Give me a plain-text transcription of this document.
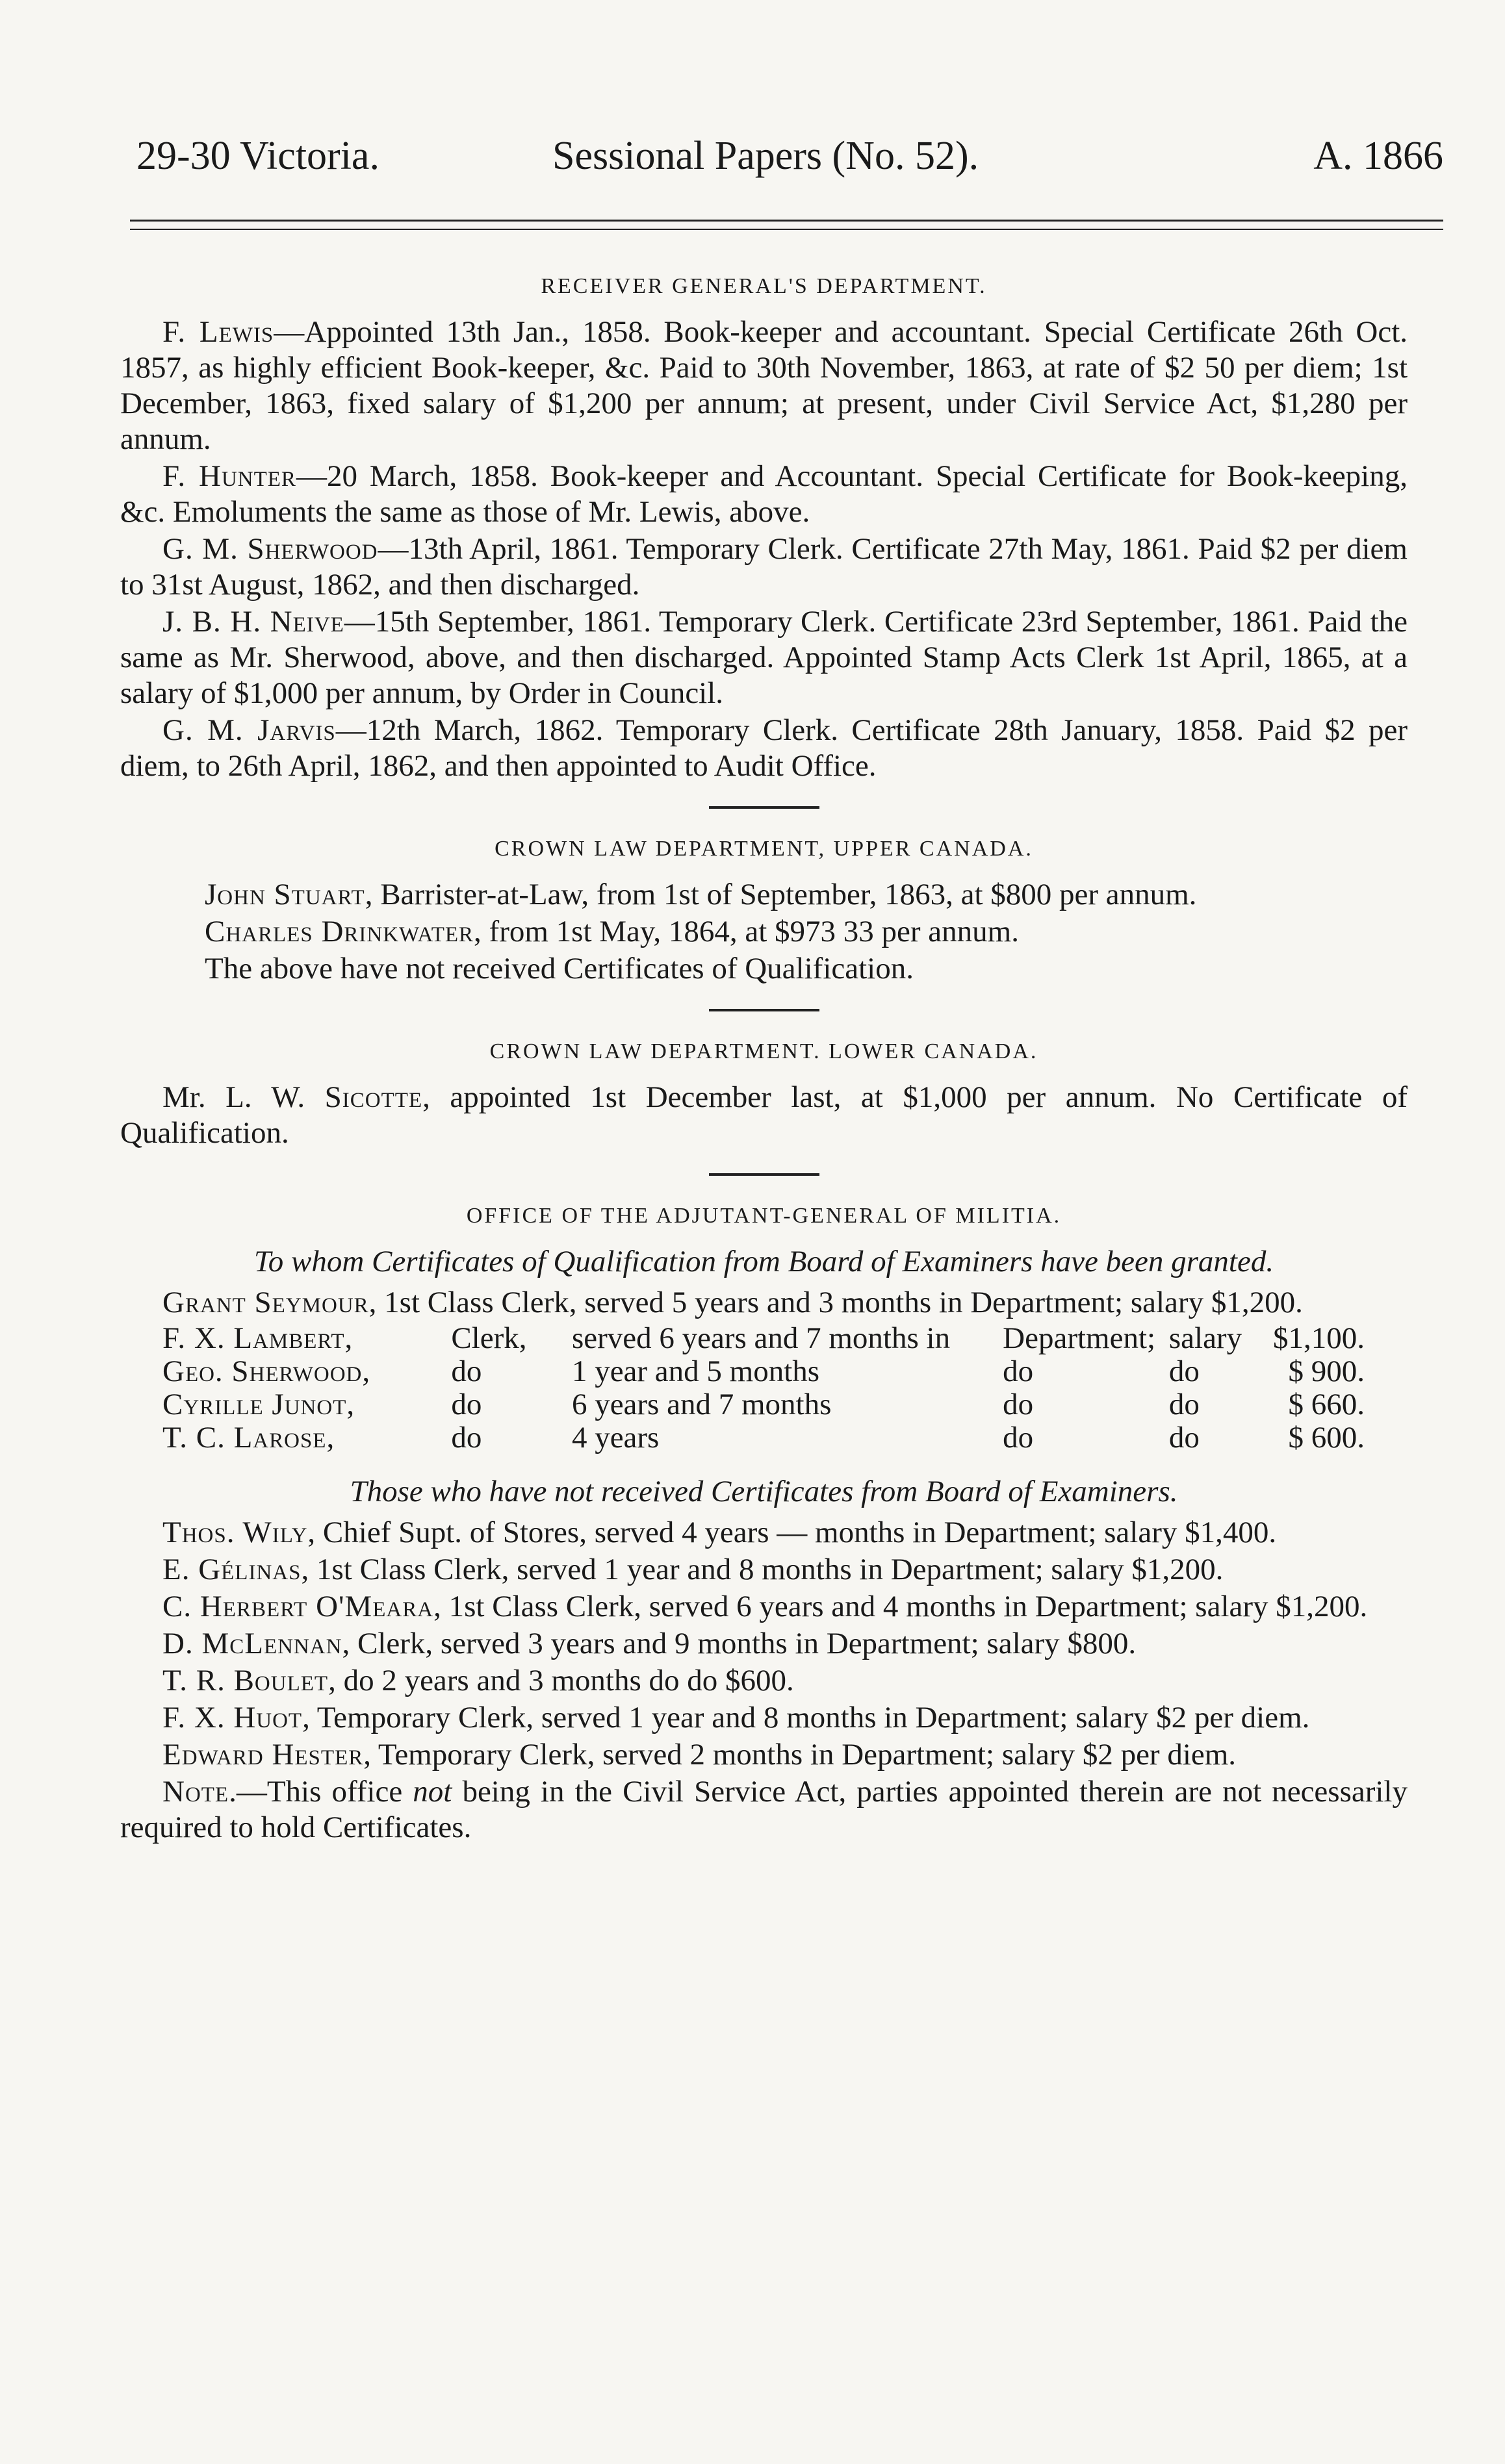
29-30 Victoria.	Sessional Papers (No. 52).	A. 1866
RECEIVER GENERAL'S DEPARTMENT.

F. Lewis—Appointed 13th Jan., 1858. Book-keeper and accountant. Special Certificate 26th Oct. 1857, as highly efficient Book-keeper, &c. Paid to 30th November, 1863, at rate of $2 50 per diem; 1st December, 1863, fixed salary of $1,200 per annum; at present, under Civil Service Act, $1,280 per annum.

F. Hunter—20 March, 1858. Book-keeper and Accountant. Special Certificate for Book-keeping, &c. Emoluments the same as those of Mr. Lewis, above.

G. M. Sherwood—13th April, 1861. Temporary Clerk. Certificate 27th May, 1861. Paid $2 per diem to 31st August, 1862, and then discharged.

J. B. H. Neive—15th September, 1861. Temporary Clerk. Certificate 23rd September, 1861. Paid the same as Mr. Sherwood, above, and then discharged. Appointed Stamp Acts Clerk 1st April, 1865, at a salary of $1,000 per annum, by Order in Council.

G. M. Jarvis—12th March, 1862. Temporary Clerk. Certificate 28th January, 1858. Paid $2 per diem, to 26th April, 1862, and then appointed to Audit Office.

CROWN LAW DEPARTMENT, UPPER CANADA.

John Stuart, Barrister-at-Law, from 1st of September, 1863, at $800 per annum.

Charles Drinkwater, from 1st May, 1864, at $973 33 per annum.

The above have not received Certificates of Qualification.

CROWN LAW DEPARTMENT. LOWER CANADA.

Mr. L. W. Sicotte, appointed 1st December last, at $1,000 per annum. No Certificate of Qualification.

OFFICE OF THE ADJUTANT-GENERAL OF MILITIA.
To whom Certificates of Qualification from Board of Examiners have been granted.

Grant Seymour, 1st Class Clerk, served 5 years and 3 months in Department; salary $1,200.

F. X. Lambert,	Clerk,	served 6 years and 7 months in	Department;	salary	$1,100.
Geo. Sherwood,	do	1 year and 5 months	do	do	$ 900.
Cyrille Junot,	do	6 years and 7 months	do	do	$ 660.
T. C. Larose,	do	4 years	do	do	$ 600.
Those who have not received Certificates from Board of Examiners.

Thos. Wily, Chief Supt. of Stores, served 4 years — months in Department; salary $1,400.

E. Gélinas, 1st Class Clerk, served 1 year and 8 months in Department; salary $1,200.

C. Herbert O'Meara, 1st Class Clerk, served 6 years and 4 months in Department; salary $1,200.

D. McLennan, Clerk, served 3 years and 9 months in Department; salary $800.

T. R. Boulet, do 2 years and 3 months do do $600.

F. X. Huot, Temporary Clerk, served 1 year and 8 months in Department; salary $2 per diem.

Edward Hester, Temporary Clerk, served 2 months in Department; salary $2 per diem.

Note.—This office not being in the Civil Service Act, parties appointed therein are not necessarily required to hold Certificates.
